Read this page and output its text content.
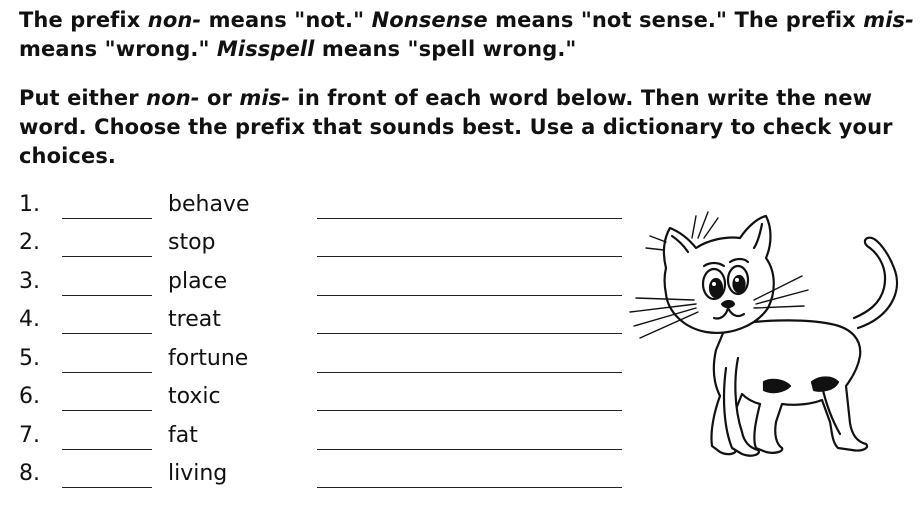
The prefix non- means "not." Nonsense means "not sense." The prefix mis- means "wrong." Misspell means "spell wrong."

Put either non- or mis- in front of each word below. Then write the new word. Choose the prefix that sounds best. Use a dictionary to check your choices.

1.	behave
2.	stop
3.	place
4.	treat
5.	fortune
6.	toxic
7.	fat
8.	living
